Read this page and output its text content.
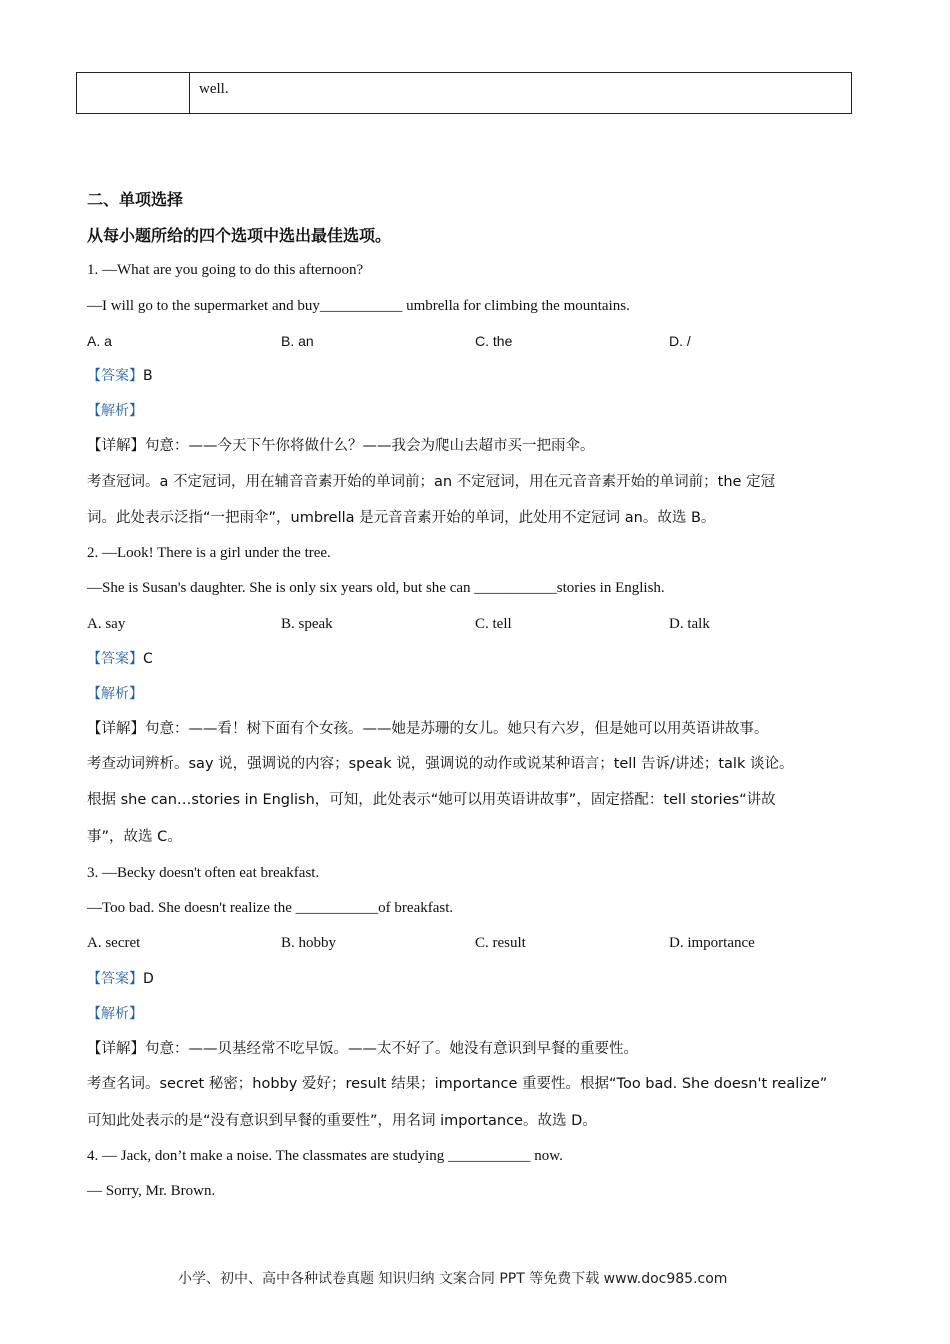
well.
二、单项选择
从每小题所给的四个选项中选出最佳选项。
1. —What are you going to do this afternoon?
—I will go to the supermarket and buy___________ umbrella for climbing the mountains.
A. a	B. an	C. the	D. /
【答案】B
【解析】
【详解】句意：——今天下午你将做什么？——我会为爬山去超市买一把雨伞。
考查冠词。a 不定冠词，用在辅音音素开始的单词前；an 不定冠词，用在元音音素开始的单词前；the 定冠
词。此处表示泛指“一把雨伞”，umbrella 是元音音素开始的单词，此处用不定冠词 an。故选 B。
2. —Look! There is a girl under the tree.
—She is Susan's daughter. She is only six years old, but she can ___________stories in English.
A. say	B. speak	C. tell	D. talk
【答案】C
【解析】
【详解】句意：——看！树下面有个女孩。——她是苏珊的女儿。她只有六岁，但是她可以用英语讲故事。
考查动词辨析。say 说，强调说的内容；speak 说，强调说的动作或说某种语言；tell 告诉/讲述；talk 谈论。
根据 she can…stories in English，可知，此处表示“她可以用英语讲故事”，固定搭配：tell stories“讲故
事”，故选 C。
3. —Becky doesn't often eat breakfast.
—Too bad. She doesn't realize the ___________of breakfast.
A. secret	B. hobby	C. result	D. importance
【答案】D
【解析】
【详解】句意：——贝基经常不吃早饭。——太不好了。她没有意识到早餐的重要性。
考查名词。secret 秘密；hobby 爱好；result 结果；importance 重要性。根据“Too bad. She doesn't realize”
可知此处表示的是“没有意识到早餐的重要性”，用名词 importance。故选 D。
4. — Jack, don’t make a noise. The classmates are studying ___________ now.
— Sorry, Mr. Brown.
小学、初中、高中各种试卷真题 知识归纳 文案合同 PPT 等免费下载 www.doc985.com
